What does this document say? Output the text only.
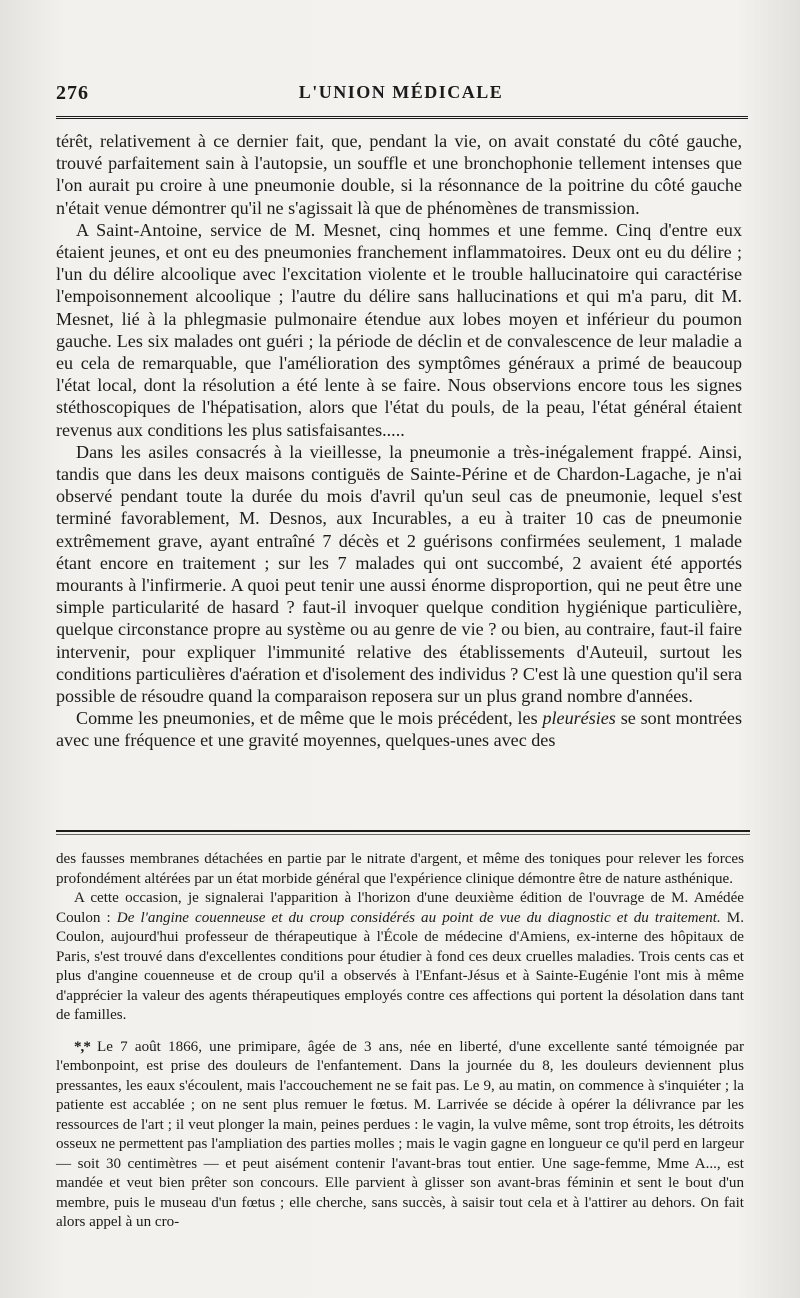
276	L'UNION MÉDICALE

térêt, relativement à ce dernier fait, que, pendant la vie, on avait constaté du côté gauche, trouvé parfaitement sain à l'autopsie, un souffle et une bronchophonie tellement intenses que l'on aurait pu croire à une pneumonie double, si la résonnance de la poitrine du côté gauche n'était venue démontrer qu'il ne s'agissait là que de phénomènes de transmission.

A Saint-Antoine, service de M. Mesnet, cinq hommes et une femme. Cinq d'entre eux étaient jeunes, et ont eu des pneumonies franchement inflammatoires. Deux ont eu du délire ; l'un du délire alcoolique avec l'excitation violente et le trouble hallucinatoire qui caractérise l'empoisonnement alcoolique ; l'autre du délire sans hallucinations et qui m'a paru, dit M. Mesnet, lié à la phlegmasie pulmonaire étendue aux lobes moyen et inférieur du poumon gauche. Les six malades ont guéri ; la période de déclin et de convalescence de leur maladie a eu cela de remarquable, que l'amélioration des symptômes généraux a primé de beaucoup l'état local, dont la résolution a été lente à se faire. Nous observions encore tous les signes stéthoscopiques de l'hépatisation, alors que l'état du pouls, de la peau, l'état général étaient revenus aux conditions les plus satisfaisantes.....

Dans les asiles consacrés à la vieillesse, la pneumonie a très-inégalement frappé. Ainsi, tandis que dans les deux maisons contiguës de Sainte-Périne et de Chardon-Lagache, je n'ai observé pendant toute la durée du mois d'avril qu'un seul cas de pneumonie, lequel s'est terminé favorablement, M. Desnos, aux Incurables, a eu à traiter 10 cas de pneumonie extrêmement grave, ayant entraîné 7 décès et 2 guérisons confirmées seulement, 1 malade étant encore en traitement ; sur les 7 malades qui ont succombé, 2 avaient été apportés mourants à l'infirmerie. A quoi peut tenir une aussi énorme disproportion, qui ne peut être une simple particularité de hasard ? faut-il invoquer quelque condition hygiénique particulière, quelque circonstance propre au système ou au genre de vie ? ou bien, au contraire, faut-il faire intervenir, pour expliquer l'immunité relative des établissements d'Auteuil, surtout les conditions particulières d'aération et d'isolement des individus ? C'est là une question qu'il sera possible de résoudre quand la comparaison reposera sur un plus grand nombre d'années.

Comme les pneumonies, et de même que le mois précédent, les pleurésies se sont montrées avec une fréquence et une gravité moyennes, quelques-unes avec des

des fausses membranes détachées en partie par le nitrate d'argent, et même des toniques pour relever les forces profondément altérées par un état morbide général que l'expérience clinique démontre être de nature asthénique.

A cette occasion, je signalerai l'apparition à l'horizon d'une deuxième édition de l'ouvrage de M. Amédée Coulon : De l'angine couenneuse et du croup considérés au point de vue du diagnostic et du traitement. M. Coulon, aujourd'hui professeur de thérapeutique à l'École de médecine d'Amiens, ex-interne des hôpitaux de Paris, s'est trouvé dans d'excellentes conditions pour étudier à fond ces deux cruelles maladies. Trois cents cas et plus d'angine couenneuse et de croup qu'il a observés à l'Enfant-Jésus et à Sainte-Eugénie l'ont mis à même d'apprécier la valeur des agents thérapeutiques employés contre ces affections qui portent la désolation dans tant de familles.

*,* Le 7 août 1866, une primipare, âgée de 3 ans, née en liberté, d'une excellente santé témoignée par l'embonpoint, est prise des douleurs de l'enfantement. Dans la journée du 8, les douleurs deviennent plus pressantes, les eaux s'écoulent, mais l'accouchement ne se fait pas. Le 9, au matin, on commence à s'inquiéter ; la patiente est accablée ; on ne sent plus remuer le fœtus. M. Larrivée se décide à opérer la délivrance par les ressources de l'art ; il veut plonger la main, peines perdues : le vagin, la vulve même, sont trop étroits, les détroits osseux ne permettent pas l'ampliation des parties molles ; mais le vagin gagne en longueur ce qu'il perd en largeur — soit 30 centimètres — et peut aisément contenir l'avant-bras tout entier. Une sage-femme, Mme A..., est mandée et veut bien prêter son concours. Elle parvient à glisser son avant-bras féminin et sent le bout d'un membre, puis le museau d'un fœtus ; elle cherche, sans succès, à saisir tout cela et à l'attirer au dehors. On fait alors appel à un cro-
